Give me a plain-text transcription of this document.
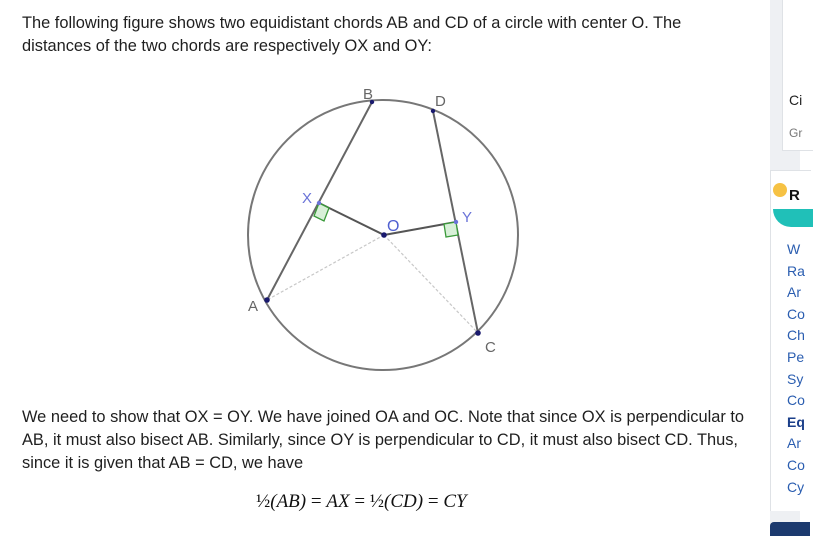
The following figure shows two equidistant chords AB and CD of a circle with center O. The distances of the two chords are respectively OX and OY:

A
B
C
D
O
X
Y

We need to show that OX = OY. We have joined OA and OC. Note that since OX is perpendicular to AB, it must also bisect AB. Similarly, since OY is perpendicular to CD, it must also bisect CD. Thus, since it is given that AB = CD, we have

½(AB) = AX = ½(CD) = CY
Ci
Gr
R
W
Ra
Ar
Co
Ch
Pe
Sy
Co
Eq
Ar
Co
Cy
